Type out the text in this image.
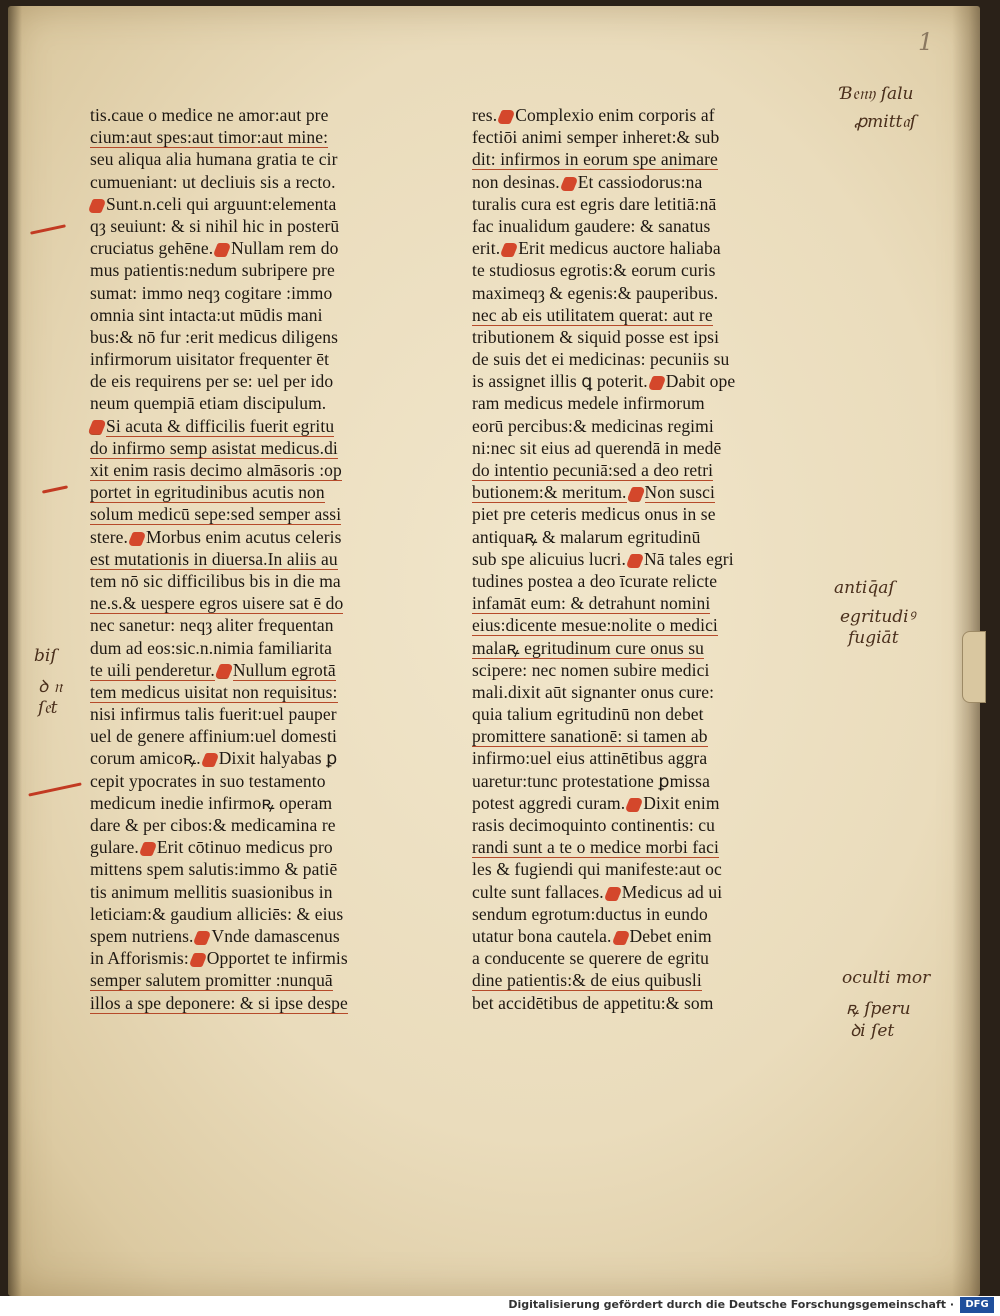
1
tis.caue o medice ne amor:aut pre
cium:aut spes:aut timor:aut mine:
seu aliqua alia humana gratia te cir
cumueniant: ut decliuis sis a recto.
Sunt.n.celi qui arguunt:elementa
qȝ seuiunt: & si nihil hic in posterū
cruciatus gehēne. Nullam rem do
mus patientis:nedum subripere pre
sumat: immo neqȝ cogitare :immo
omnia sint intacta:ut mūdis mani
bus:& nō fur :erit medicus diligens
infirmorum uisitator frequenter ēt
de eis requirens per se: uel per ido
neum quempiā etiam discipulum.
Si acuta & difficilis fuerit egritu
do infirmo semp asistat medicus.di
xit enim rasis decimo almāsoris :op
portet in egritudinibus acutis non
solum medicū sepe:sed semper assi
stere. Morbus enim acutus celeris
est mutationis in diuersa.In aliis au
tem nō sic difficilibus bis in die ma
ne.s.& uespere egros uisere sat ē do
nec sanetur: neqȝ aliter frequentan
dum ad eos:sic.n.nimia familiarita
te uili penderetur. Nullum egrotā
tem medicus uisitat non requisitus:
nisi infirmus talis fuerit:uel pauper
uel de genere affinium:uel domesti
corum amicoꝶ. Dixit halyabas ꝑ
cepit ypocrates in suo testamento
medicum inedie infirmoꝶ operam
dare & per cibos:& medicamina re
gulare. Erit cōtinuo medicus pro
mittens spem salutis:immo & patiē
tis animum mellitis suasionibus in
leticiam:& gaudium alliciēs: & eius
spem nutriens. Vnde damascenus
in Afforismis: Opportet te infirmis
semper salutem promitter :nunquā
illos a spe deponere: & si ipse despe
res. Complexio enim corporis af
fectiōi animi semper inheret:& sub
dit: infirmos in eorum spe animare
non desinas. Et cassiodorus:na
turalis cura est egris dare letitiā:nā
fac inualidum gaudere: & sanatus
erit. Erit medicus auctore haliaba
te studiosus egrotis:& eorum curis
maximeqȝ & egenis:& pauperibus.
nec ab eis utilitatem querat: aut re
tributionem & siquid posse est ipsi
de suis det ei medicinas: pecuniis su
is assignet illis ꝗ poterit. Dabit ope
ram medicus medele infirmorum
eorū percibus:& medicinas regimi
ni:nec sit eius ad querendā in medē
do intentio pecuniā:sed a deo retri
butionem:& meritum. Non susci
piet pre ceteris medicus onus in se
antiquaꝶ & malarum egritudinū
sub spe alicuius lucri. Nā tales egri
tudines postea a deo īcurate relicte
infamāt eum: & detrahunt nomini
eius:dicente mesue:nolite o medici
malaꝶ egritudinum cure onus su
scipere: nec nomen subire medici
mali.dixit aūt signanter onus cure:
quia talium egritudinū non debet
promittere sanationē: si tamen ab
infirmo:uel eius attinētibus aggra
uaretur:tunc protestatione ꝑmissa
potest aggredi curam. Dixit enim
rasis decimoquinto continentis: cu
randi sunt a te o medice morbi faci
les & fugiendi qui manifeste:aut oc
culte sunt fallaces. Medicus ad ui
sendum egrotum:ductus in eundo
utatur bona cautela. Debet enim
a conducente se querere de egritu
dine patientis:& de eius quibusli
bet accidētibus de appetitu:& som
Ɓ𝔢𝔫𝔶 ſalu
ꝓmitt𝔞ſ
antiq̄aſ
egritudiꝰ
fugiāt
oculti mor
ꝶ ſperu
ꝺi ſet
biſ
ꝺ 𝔫
ſ𝔢t
Digitalisierung gefördert durch die Deutsche Forschungsgemeinschaft ·	DFG
